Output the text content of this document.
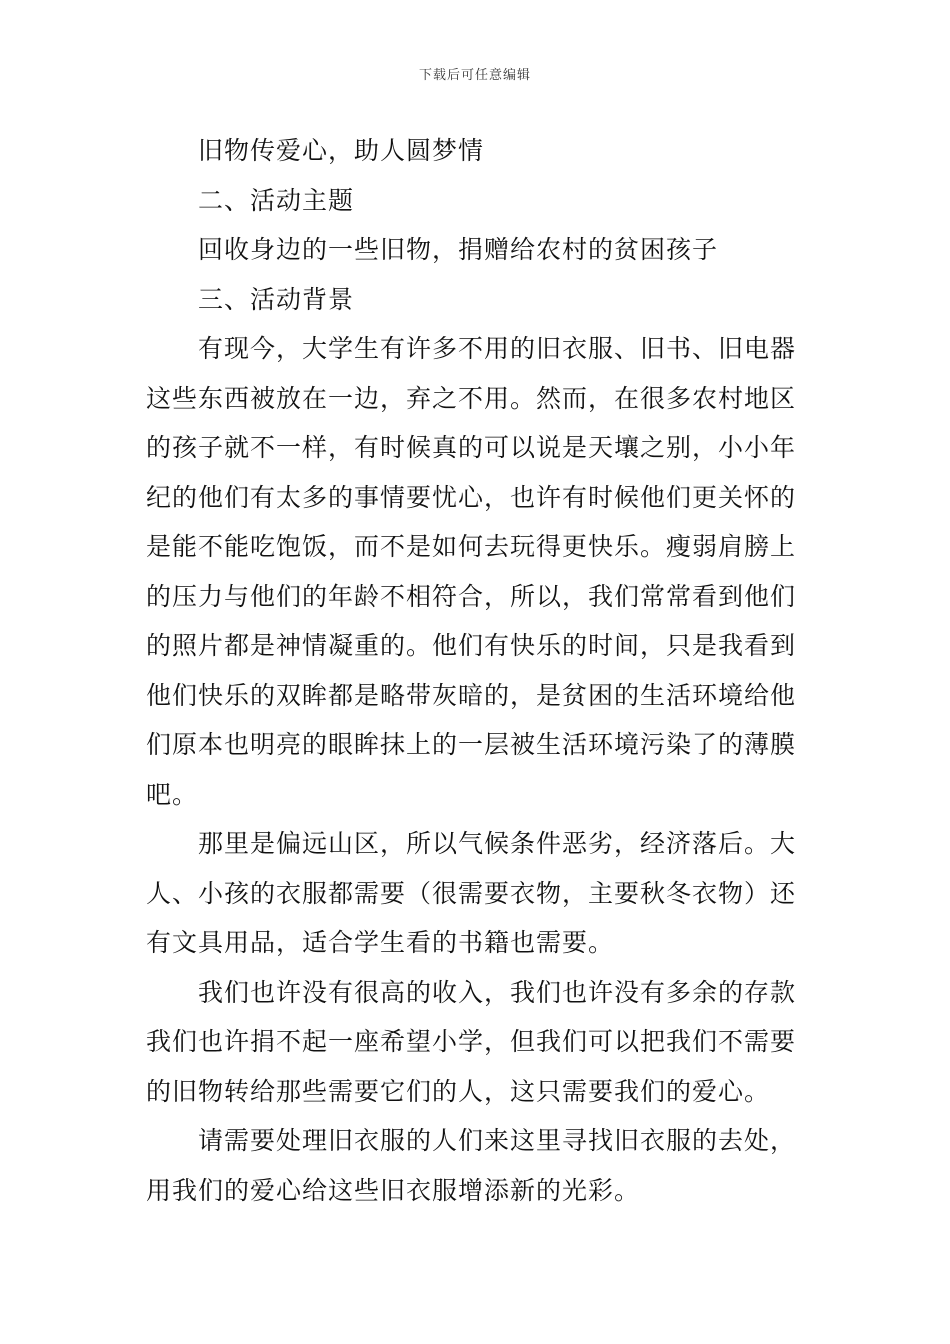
下载后可任意编辑
旧物传爱心，助人圆梦情
二、活动主题
回收身边的一些旧物，捐赠给农村的贫困孩子
三、活动背景
有现今，大学生有许多不用的旧衣服、旧书、旧电器
这些东西被放在一边，弃之不用。然而，在很多农村地区
的孩子就不一样，有时候真的可以说是天壤之别，小小年
纪的他们有太多的事情要忧心，也许有时候他们更关怀的
是能不能吃饱饭，而不是如何去玩得更快乐。瘦弱肩膀上
的压力与他们的年龄不相符合，所以，我们常常看到他们
的照片都是神情凝重的。他们有快乐的时间，只是我看到
他们快乐的双眸都是略带灰暗的，是贫困的生活环境给他
们原本也明亮的眼眸抹上的一层被生活环境污染了的薄膜
吧。
那里是偏远山区，所以气候条件恶劣，经济落后。大
人、小孩的衣服都需要（很需要衣物，主要秋冬衣物）还
有文具用品，适合学生看的书籍也需要。
我们也许没有很高的收入，我们也许没有多余的存款
我们也许捐不起一座希望小学，但我们可以把我们不需要
的旧物转给那些需要它们的人，这只需要我们的爱心。
请需要处理旧衣服的人们来这里寻找旧衣服的去处，
用我们的爱心给这些旧衣服增添新的光彩。
